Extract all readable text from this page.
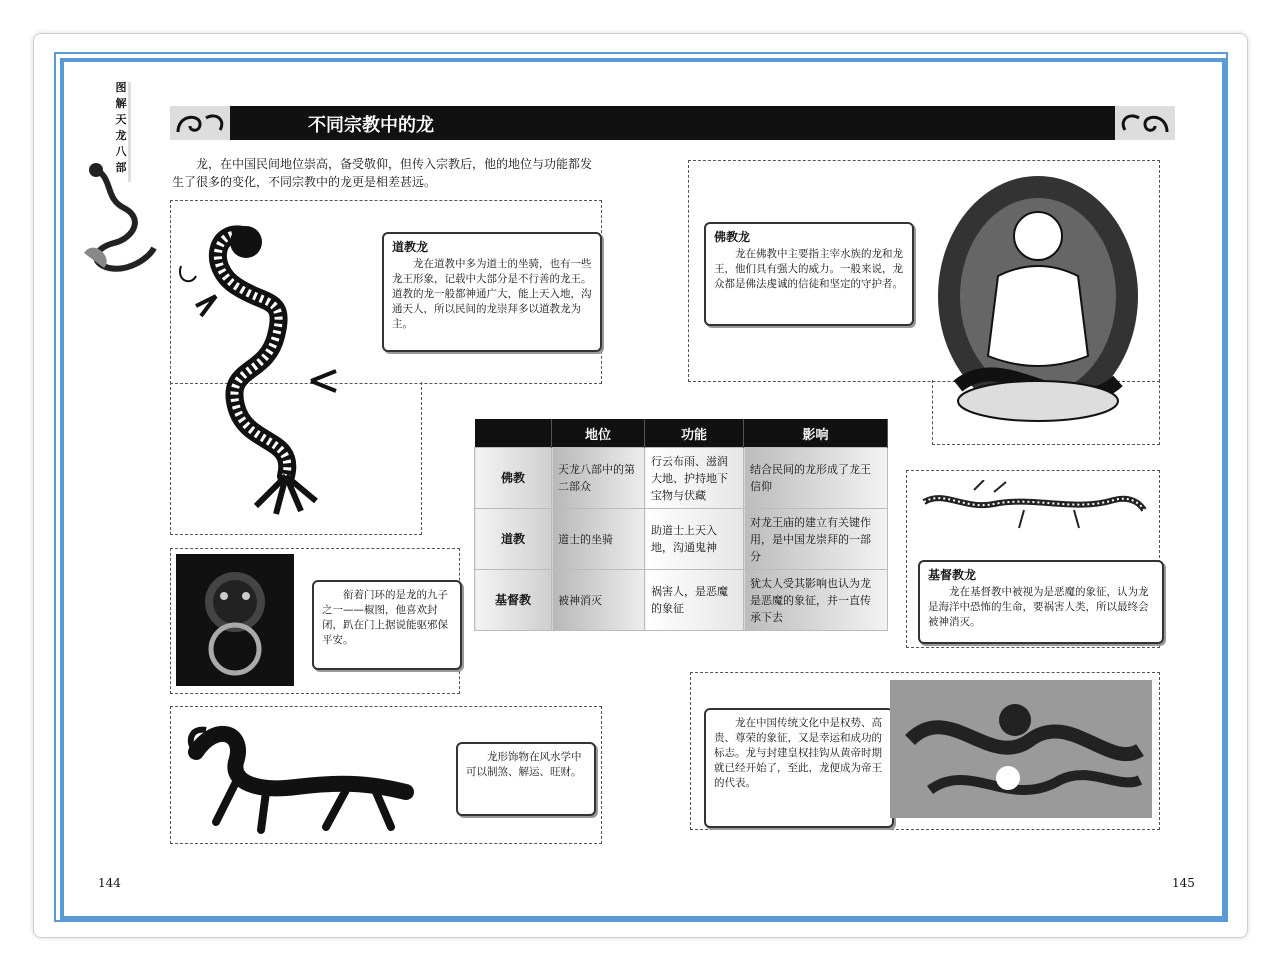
图
解
天
龙
八
部
不同宗教中的龙
龙，在中国民间地位崇高，备受敬仰，但传入宗教后，他的地位与功能都发生了很多的变化，不同宗教中的龙更是相差甚远。
道教龙
龙在道教中多为道士的坐骑，也有一些龙王形象，记载中大部分是不行善的龙王。道教的龙一般都神通广大，能上天入地，沟通天人，所以民间的龙崇拜多以道教龙为主。
衔着门环的是龙的九子之一——椒图，他喜欢封闭，趴在门上据说能驱邪保平安。
龙形饰物在风水学中可以制煞、解运、旺财。
	地位	功能	影响
佛教	天龙八部中的第二部众	行云布雨、滋润大地、护持地下宝物与伏藏	结合民间的龙形成了龙王信仰
道教	道士的坐骑	助道士上天入地，沟通鬼神	对龙王庙的建立有关键作用，是中国龙崇拜的一部分
基督教	被神消灭	祸害人，是恶魔的象征	犹太人受其影响也认为龙是恶魔的象征，并一直传承下去
佛教龙
龙在佛教中主要指主宰水族的龙和龙王，他们具有强大的威力。一般来说，龙众都是佛法虔诚的信徒和坚定的守护者。
基督教龙
龙在基督教中被视为是恶魔的象征，认为龙是海洋中恐怖的生命，要祸害人类，所以最终会被神消灭。
龙在中国传统文化中是权势、高贵、尊荣的象征，又是幸运和成功的标志。龙与封建皇权挂钩从黄帝时期就已经开始了，至此，龙便成为帝王的代表。
144	145
